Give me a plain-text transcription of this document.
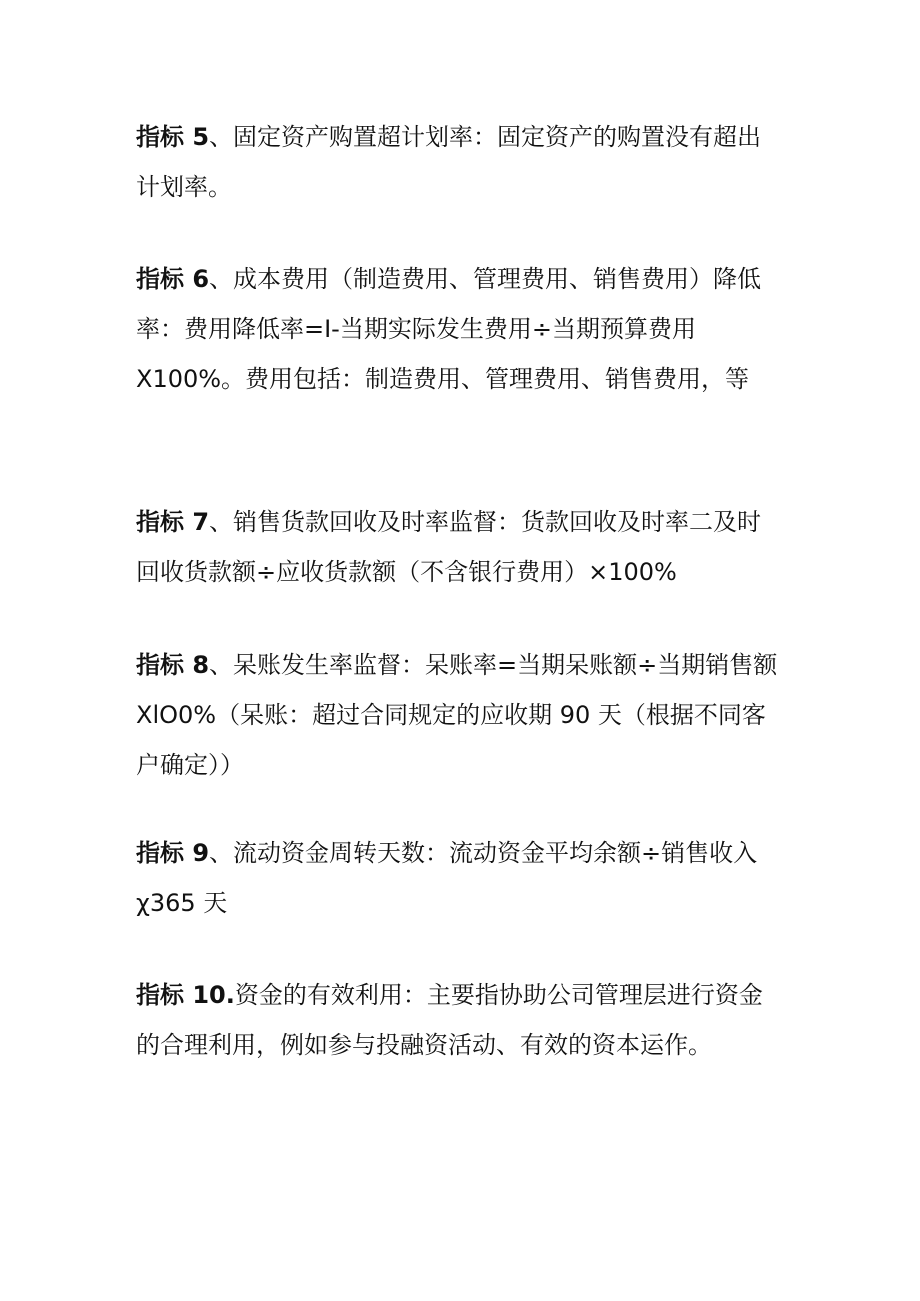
指标 5、固定资产购置超计划率：固定资产的购置没有超出
计划率。

指标 6、成本费用（制造费用、管理费用、销售费用）降低
率：费用降低率=I-当期实际发生费用÷当期预算费用
X100%。费用包括：制造费用、管理费用、销售费用，等

指标 7、销售货款回收及时率监督：货款回收及时率二及时
回收货款额÷应收货款额（不含银行费用）×100%

指标 8、呆账发生率监督：呆账率=当期呆账额÷当期销售额
XlO0%（呆账：超过合同规定的应收期 90 天（根据不同客
户确定））

指标 9、流动资金周转天数：流动资金平均余额÷销售收入
χ365 天

指标 10.资金的有效利用：主要指协助公司管理层进行资金
的合理利用，例如参与投融资活动、有效的资本运作。
